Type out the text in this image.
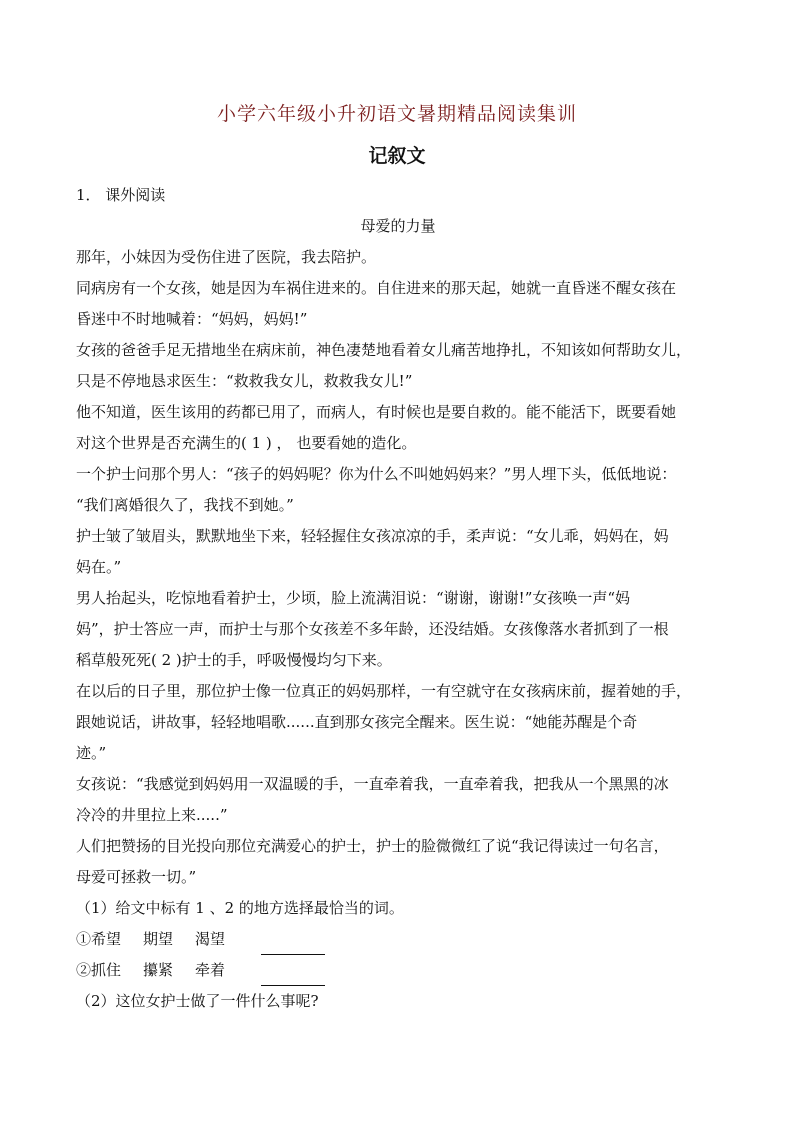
小学六年级小升初语文暑期精品阅读集训
记叙文
1． 课外阅读
母爱的力量
那年，小妹因为受伤住进了医院，我去陪护。
同病房有一个女孩，她是因为车祸住进来的。自住进来的那天起，她就一直昏迷不醒女孩在
昏迷中不时地喊着：“妈妈，妈妈!”
女孩的爸爸手足无措地坐在病床前，神色凄楚地看着女儿痛苦地挣扎，不知该如何帮助女儿，
只是不停地恳求医生：“救救我女儿，救救我女儿!”
他不知道，医生该用的药都已用了，而病人，有时候也是要自救的。能不能活下，既要看她
对这个世界是否充满生的( 1 ) ， 也要看她的造化。
一个护士问那个男人：“孩子的妈妈呢？你为什么不叫她妈妈来？”男人埋下头，低低地说：
“我们离婚很久了，我找不到她。”
护士皱了皱眉头，默默地坐下来，轻轻握住女孩凉凉的手，柔声说：“女儿乖，妈妈在，妈
妈在。”
男人抬起头，吃惊地看着护士，少顷，脸上流满泪说：“谢谢，谢谢!”女孩唤一声“妈
妈”，护士答应一声，而护士与那个女孩差不多年龄，还没结婚。女孩像落水者抓到了一根
稻草般死死( 2 )护士的手，呼吸慢慢均匀下来。
在以后的日子里，那位护士像一位真正的妈妈那样，一有空就守在女孩病床前，握着她的手，
跟她说话，讲故事，轻轻地唱歌......直到那女孩完全醒来。医生说：“她能苏醒是个奇
迹。”
女孩说：“我感觉到妈妈用一双温暖的手，一直牵着我，一直牵着我，把我从一个黑黑的冰
冷冷的井里拉上来.....”
人们把赞扬的目光投向那位充满爱心的护士，护士的脸微微红了说“我记得读过一句名言，
母爱可拯救一切。”
（1）给文中标有 1 、2 的地方选择最恰当的词。
①希望 期望 渴望
②抓住 攥紧 牵着
（2）这位女护士做了一件什么事呢?
